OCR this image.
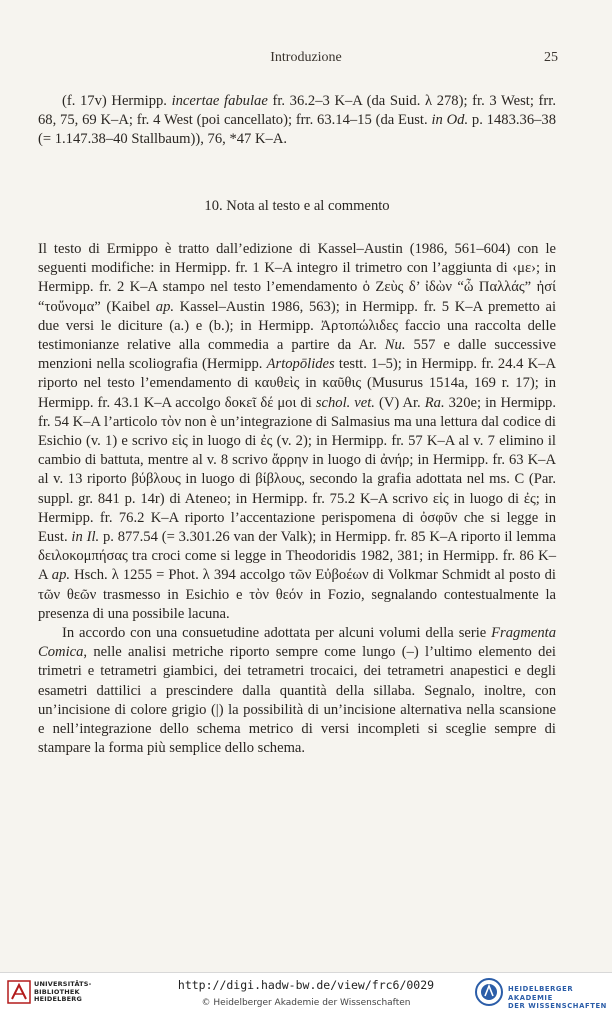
Introduzione	25

(f. 17v) Hermipp. incertae fabulae fr. 36.2–3 K–A (da Suid. λ 278); fr. 3 West; frr. 68, 75, 69 K–A; fr. 4 West (poi cancellato); frr. 63.14–15 (da Eust. in Od. p. 1483.36–38 (= 1.147.38–40 Stallbaum)), 76, *47 K–A.

10. Nota al testo e al commento

Il testo di Ermippo è tratto dall’edizione di Kassel–Austin (1986, 561–604) con le seguenti modifiche: in Hermipp. fr. 1 K–A integro il trimetro con l’aggiunta di ‹με›; in Hermipp. fr. 2 K–A stampo nel testo l’emendamento ὁ Ζεὺς δ’ ἰδὼν “ὦ Παλλάς” ἠσί “τοὔνομα” (Kaibel ap. Kassel–Austin 1986, 563); in Hermipp. fr. 5 K–A premetto ai due versi le diciture (a.) e (b.); in Hermipp. Ἀρτοπώλιδες faccio una raccolta delle testimonianze relative alla commedia a partire da Ar. Nu. 557 e dalle successive menzioni nella scoliografia (Hermipp. Artopōlides testt. 1–5); in Hermipp. fr. 24.4 K–A riporto nel testo l’emendamento di καυθεὶς in καῦθις (Musurus 1514a, 169 r. 17); in Hermipp. fr. 43.1 K–A accolgo δοκεῖ δέ μοι di schol. vet. (V) Ar. Ra. 320e; in Hermipp. fr. 54 K–A l’articolo τὸν non è un’integrazione di Salmasius ma una lettura dal codice di Esichio (v. 1) e scrivo εἰς in luogo di ἐς (v. 2); in Hermipp. fr. 57 K–A al v. 7 elimino il cambio di battuta, mentre al v. 8 scrivo ἄρρην in luogo di ἀνήρ; in Hermipp. fr. 63 K–A al v. 13 riporto βύβλους in luogo di βίβλους, secondo la grafia adottata nel ms. C (Par. suppl. gr. 841 p. 14r) di Ateneo; in Hermipp. fr. 75.2 K–A scrivo εἰς in luogo di ἐς; in Hermipp. fr. 76.2 K–A riporto l’accentazione perispomena di ὀσφῦν che si legge in Eust. in Il. p. 877.54 (= 3.301.26 van der Valk); in Hermipp. fr. 85 K–A riporto il lemma δειλοκομπήσας tra croci come si legge in Theodoridis 1982, 381; in Hermipp. fr. 86 K–A ap. Hsch. λ 1255 = Phot. λ 394 accolgo τῶν Εὐβοέων di Volkmar Schmidt al posto di τῶν θεῶν trasmesso in Esichio e τὸν θεόν in Fozio, segnalando contestualmente la presenza di una possibile lacuna.

In accordo con una consuetudine adottata per alcuni volumi della serie Fragmenta Comica, nelle analisi metriche riporto sempre come lungo (–) l’ultimo elemento dei trimetri e tetrametri giambici, dei tetrametri trocaici, dei tetrametri anapestici e degli esametri dattilici a prescindere dalla quantità della sillaba. Segnalo, inoltre, con un’incisione di colore grigio (|) la possibilità di un’incisione alternativa nella scansione e nell’integrazione dello schema metrico di versi incompleti si sceglie sempre di stampare la forma più semplice dello schema.

UNIVERSITÄTS-
BIBLIOTHEK
HEIDELBERG
http://digi.hadw-bw.de/view/frc6/0029
© Heidelberger Akademie der Wissenschaften
HEIDELBERGER AKADEMIE
DER WISSENSCHAFTEN
